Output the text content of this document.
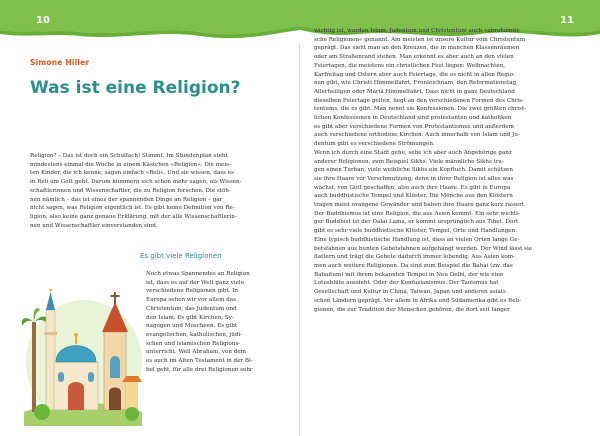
10	11
Simone Hiller
Was ist eine Religion?

Religion? – Das ist doch ein Schulfach! Stimmt. Im Stundenplan steht

mindestens einmal die Woche in einem Kästchen »Religion«. Die meis-

ten Kinder, die ich kenne, sagen einfach »Reli«. Und sie wissen, dass es

in Reli um Gott geht. Darum kümmern sich schon mehr sagen, als Wissen-

schaftlerinnen und Wissenschaftler, die zu Religion forschen. Die stöh-

nen nämlich – das ist eines der spannenden Dinge an Religion – gar

nicht sagen, was Religion eigentlich ist. Es gibt keine Definition von Re-

ligion, also keine ganz genaue Erklärung, mit der alle Wissenschaftlerin-

nen und Wissenschaftler einverstanden sind.

Es gibt viele Religionen

Noch etwas Spannendes an Religion

ist, dass es auf der Welt ganz viele

verschiedene Religionen gibt. In

Europa sehen wir vor allem das

Christentum, das Judentum und

den Islam. Es gibt Kirchen, Sy-

nagogen und Moscheen. Es gibt

evangelischen, katholischen, jüdi-

schen und islamischen Religions-

unterricht. Weil Abraham, von dem

es auch im Alten Testament in der Bi-

bel geht, für alle drei Religionen sehr

wichtig ist, werden Islam, Judentum und Christentum auch »abrahamiti-

sche Religionen« genannt. Am meisten ist unsere Kultur vom Christentum

geprägt. Das sieht man an den Kreuzen, die in manchen Klassenräumen

oder am Straßenrand stehen. Man erkennt es aber auch an den vielen

Feiertagen, die meistens ein christlichen Fest liegen: Weihnachten,

Karfreitag und Ostern aber auch Feiertage, die es nicht in allen Regio-

nen gibt, wie Christi Himmelfahrt, Fronleichnam, den Reformationstag,

Allerheiligen oder Mariä Himmelfahrt. Dass nicht in ganz Deutschland

dieselben Feiertage gelten, liegt an den verschiedenen Formen des Chris-

tentums, die es gibt. Man nennt sie Konfessionen. Die zwei größten christ-

lichen Konfessionen in Deutschland sind protestanten und katholiken

es gibt aber verschiedene Formen von Protestantismus und außerdem

auch verschiedene orthodoxe Kirchen. Auch innerhalb von Islam und Ju-

dentum gibt es verschiedene Strömungen.

Wenn ich durch eine Stadt gehe, sehe ich aber auch Angehörige ganz

anderer Religionen, zum Beispiel Sikhs. Viele männliche Sikhs tra-

gen einen Turban, viele weibliche Sikhs ein Kopftuch. Damit schützen

sie ihre Haare vor Verschmutzung, denn in ihrer Religion ist alles was

wächst, von Gott geschaffen, also auch ihre Haare. Es gibt in Europa

auch buddhistische Tempel und Klöster. Die Mönche aus den Klöstern

tragen meist orangene Gewänder und haben ihre Haare ganz kurz rasiert.

Der Buddhismus ist eine Religion, die aus Asien kommt. Ein sehr wichti-

ger Buddhist ist der Dalai Lama, er kommt ursprünglich aus Tibet. Dort

gibt es sehr viele buddhistische Klöster, Tempel, Orte und Handlungen.

Eine typisch buddhistische Handlung ist, dass an vielen Orten lange Ge-

betsfahnen aus bunten Gebetsfahnen aufgehängt werden. Der Wind lässt sie

flattern und trägt die Gebete dadurch immer lebendig. Aus Asien kom-

men auch weitere Religionen. Da sind zum Beispiel die Bahai (zw. das

Bahaitum) mit ihrem bekannten Tempel in Neu Delhi, der wie eine

Lotusblüte aussieht. Oder der Konfuzianismus. Der Taoismus hat

Gesellschaft und Kultur in China, Taiwan, Japan und anderen asiati-

schen Ländern geprägt. Vor allem in Afrika und Südamerika gibt es Reli-

gionen, die zur Tradition der Menschen gehören, die dort seit langer
